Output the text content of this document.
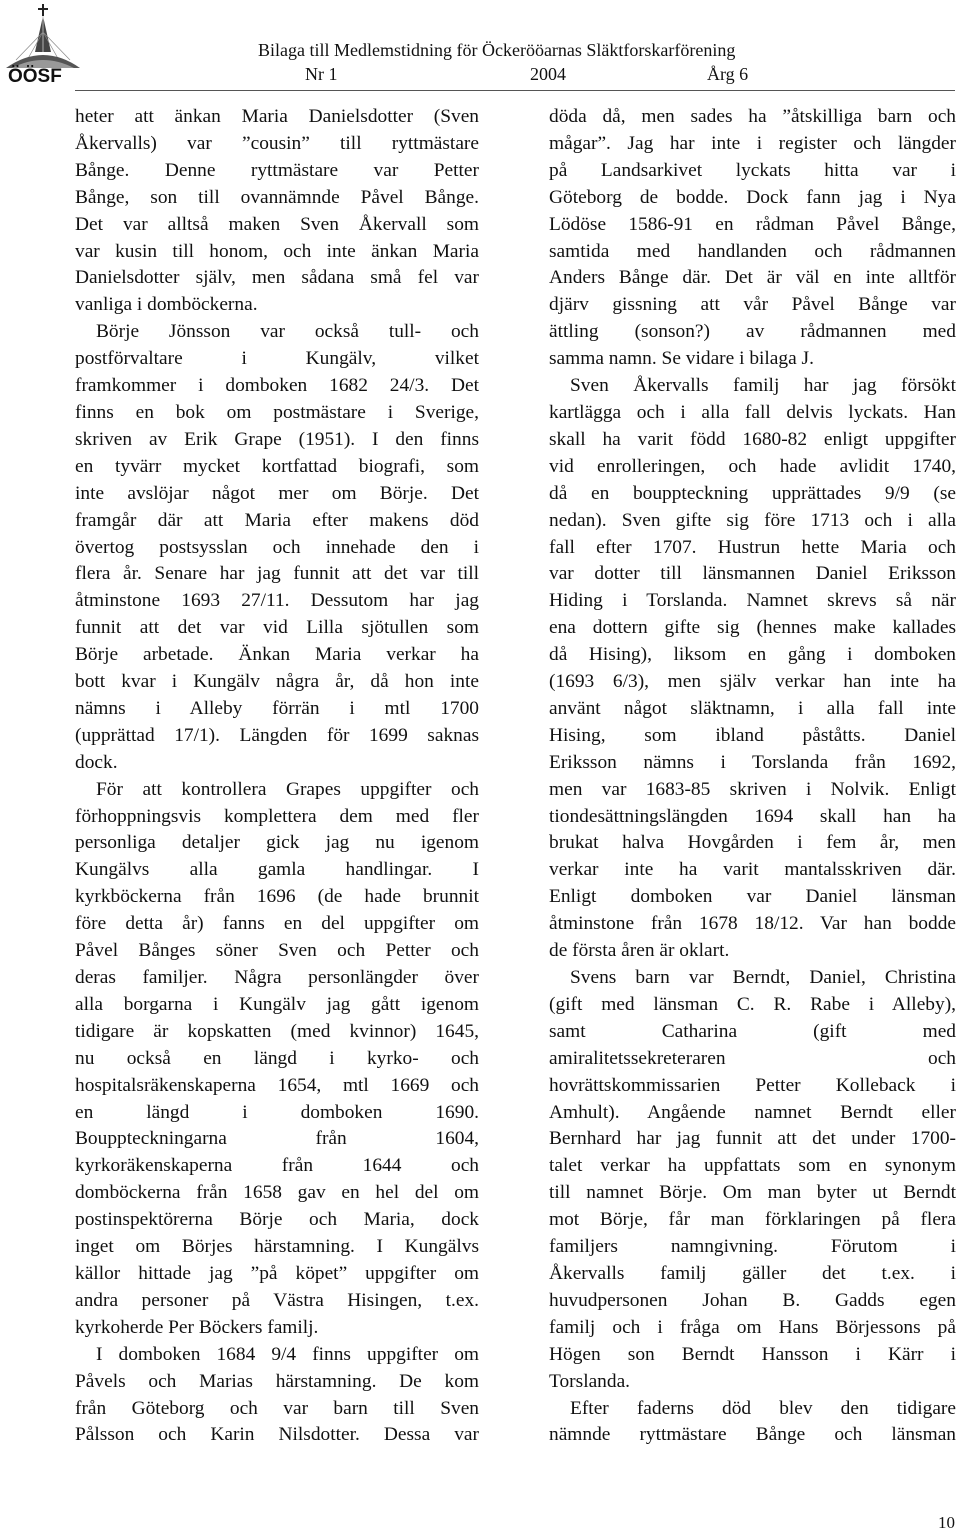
ÖÖSF
Bilaga till Medlemstidning för Öckerööarnas Släktforskarförening
Nr 1	2004	Årg 6
heter att änkan Maria Danielsdotter (Sven
Åkervalls) var ”cousin” till ryttmästare
Bånge. Denne ryttmästare var Petter
Bånge, son till ovannämnde Påvel Bånge.
Det var alltså maken Sven Åkervall som
var kusin till honom, och inte änkan Maria
Danielsdotter själv, men sådana små fel var
vanliga i domböckerna.
Börje Jönsson var också tull- och
postförvaltare i Kungälv, vilket
framkommer i domboken 1682 24/3. Det
finns en bok om postmästare i Sverige,
skriven av Erik Grape (1951). I den finns
en tyvärr mycket kortfattad biografi, som
inte avslöjar något mer om Börje. Det
framgår där att Maria efter makens död
övertog postsysslan och innehade den i
flera år. Senare har jag funnit att det var till
åtminstone 1693 27/11. Dessutom har jag
funnit att det var vid Lilla sjötullen som
Börje arbetade. Änkan Maria verkar ha
bott kvar i Kungälv några år, då hon inte
nämns i Alleby förrän i mtl 1700
(upprättad 17/1). Längden för 1699 saknas
dock.
För att kontrollera Grapes uppgifter och
förhoppningsvis komplettera dem med fler
personliga detaljer gick jag nu igenom
Kungälvs alla gamla handlingar. I
kyrkböckerna från 1696 (de hade brunnit
före detta år) fanns en del uppgifter om
Påvel Bånges söner Sven och Petter och
deras familjer. Några personlängder över
alla borgarna i Kungälv jag gått igenom
tidigare är kopskatten (med kvinnor) 1645,
nu också en längd i kyrko- och
hospitalsräkenskaperna 1654, mtl 1669 och
en längd i domboken 1690.
Bouppteckningarna från 1604,
kyrkoräkenskaperna från 1644 och
domböckerna från 1658 gav en hel del om
postinspektörerna Börje och Maria, dock
inget om Börjes härstamning. I Kungälvs
källor hittade jag ”på köpet” uppgifter om
andra personer på Västra Hisingen, t.ex.
kyrkoherde Per Böckers familj.
I domboken 1684 9/4 finns uppgifter om
Påvels och Marias härstamning. De kom
från Göteborg och var barn till Sven
Pålsson och Karin Nilsdotter. Dessa var
döda då, men sades ha ”åtskilliga barn och
mågar”. Jag har inte i register och längder
på Landsarkivet lyckats hitta var i
Göteborg de bodde. Dock fann jag i Nya
Lödöse 1586-91 en rådman Påvel Bånge,
samtida med handlanden och rådmannen
Anders Bånge där. Det är väl en inte alltför
djärv gissning att vår Påvel Bånge var
ättling (sonson?) av rådmannen med
samma namn. Se vidare i bilaga J.
Sven Åkervalls familj har jag försökt
kartlägga och i alla fall delvis lyckats. Han
skall ha varit född 1680-82 enligt uppgifter
vid enrolleringen, och hade avlidit 1740,
då en bouppteckning upprättades 9/9 (se
nedan). Sven gifte sig före 1713 och i alla
fall efter 1707. Hustrun hette Maria och
var dotter till länsmannen Daniel Eriksson
Hiding i Torslanda. Namnet skrevs så när
ena dottern gifte sig (hennes make kallades
då Hising), liksom en gång i domboken
(1693 6/3), men själv verkar han inte ha
använt något släktnamn, i alla fall inte
Hising, som ibland påståtts. Daniel
Eriksson nämns i Torslanda från 1692,
men var 1683-85 skriven i Nolvik. Enligt
tiondesättningslängden 1694 skall han ha
brukat halva Hovgården i fem år, men
verkar inte ha varit mantalsskriven där.
Enligt domboken var Daniel länsman
åtminstone från 1678 18/12. Var han bodde
de första åren är oklart.
Svens barn var Berndt, Daniel, Christina
(gift med länsman C. R. Rabe i Alleby),
samt Catharina (gift med
amiralitetssekreteraren och
hovrättskommissarien Petter Kolleback i
Amhult). Angående namnet Berndt eller
Bernhard har jag funnit att det under 1700-
talet verkar ha uppfattats som en synonym
till namnet Börje. Om man byter ut Berndt
mot Börje, får man förklaringen på flera
familjers namngivning. Förutom i
Åkervalls familj gäller det t.ex. i
huvudpersonen Johan B. Gadds egen
familj och i fråga om Hans Börjessons på
Högen son Berndt Hansson i Kärr i
Torslanda.
Efter faderns död blev den tidigare
nämnde ryttmästare Bånge och länsman
10
